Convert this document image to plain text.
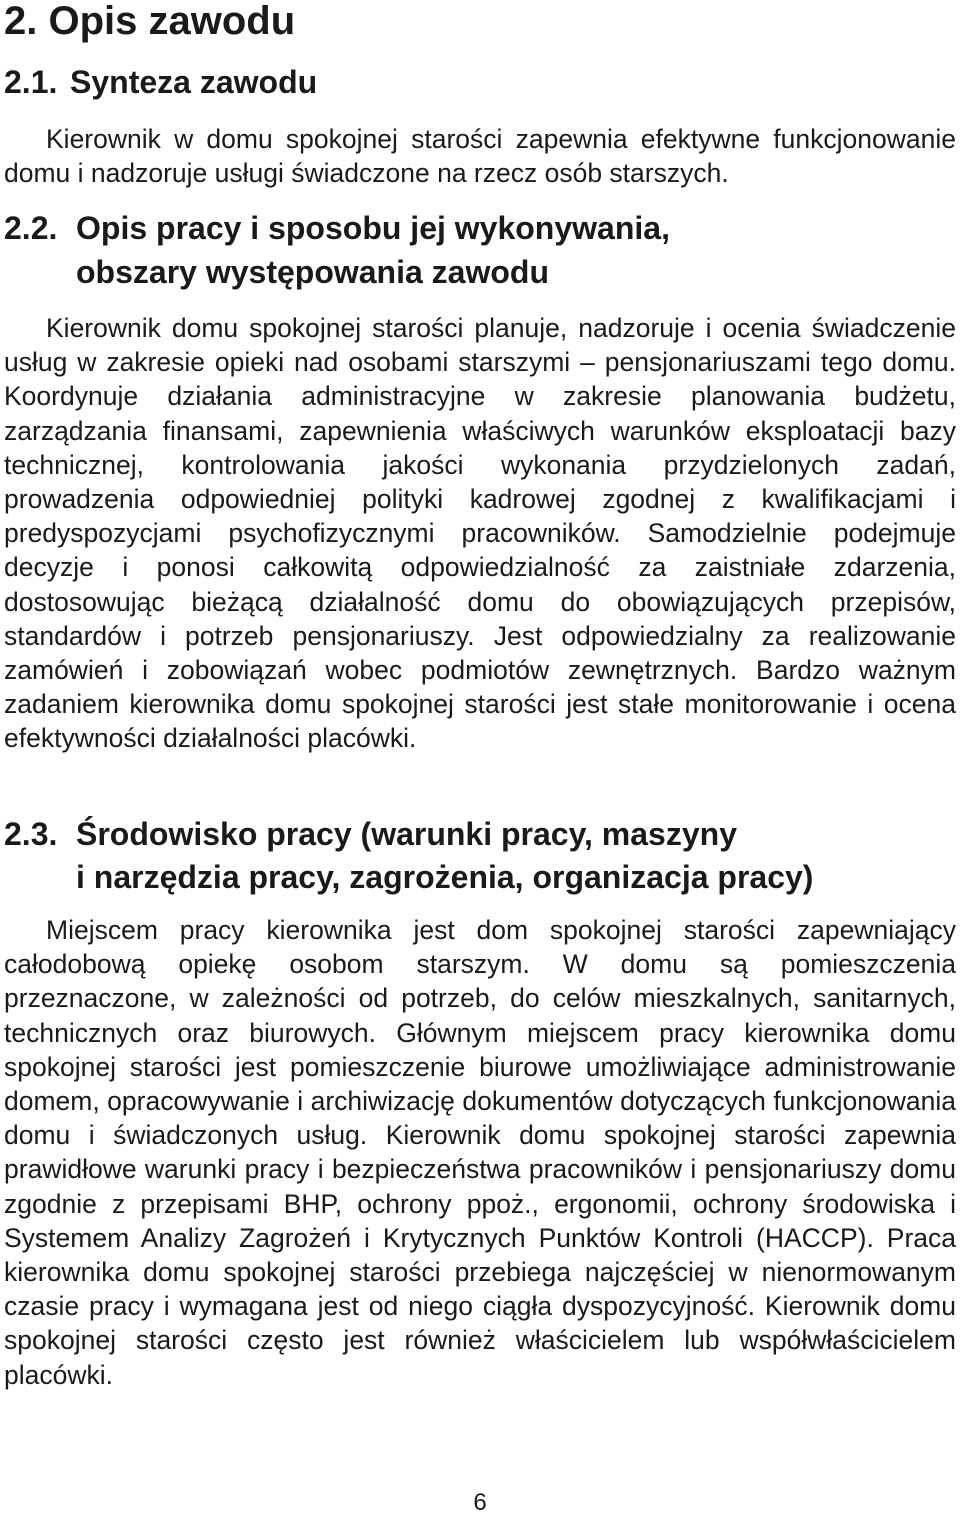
2. Opis zawodu
2.1. Synteza zawodu

Kierownik w domu spokojnej starości zapewnia efektywne funkcjonowanie domu i nadzoruje usługi świadczone na rzecz osób starszych.

2.2. Opis pracy i sposobu jej wykonywania,
obszary występowania zawodu

Kierownik domu spokojnej starości planuje, nadzoruje i ocenia świadczenie usług w zakresie opieki nad osobami starszymi – pensjonariuszami tego domu. Koordynuje działania administracyjne w zakresie planowania budżetu, zarządzania finansami, zapewnienia właściwych warunków eksploatacji bazy technicznej, kontrolowania jakości wykonania przydzielonych zadań, prowadzenia odpowiedniej polityki kadrowej zgodnej z kwalifikacjami i predyspozycjami psychofizycznymi pracowników. Samodzielnie podejmuje decyzje i ponosi całkowitą odpowiedzialność za zaistniałe zdarzenia, dostosowując bieżącą działalność domu do obowiązujących przepisów, standardów i potrzeb pensjonariuszy. Jest odpowiedzialny za realizowanie zamówień i zobowiązań wobec podmiotów zewnętrznych. Bardzo ważnym zadaniem kierownika domu spokojnej starości jest stałe monitorowanie i ocena efektywności działalności placówki.

2.3. Środowisko pracy (warunki pracy, maszyny
i narzędzia pracy, zagrożenia, organizacja pracy)

Miejscem pracy kierownika jest dom spokojnej starości zapewniający całodobową opiekę osobom starszym. W domu są pomieszczenia przeznaczone, w zależności od potrzeb, do celów mieszkalnych, sanitarnych, technicznych oraz biurowych. Głównym miejscem pracy kierownika domu spokojnej starości jest pomieszczenie biurowe umożliwiające administrowanie domem, opracowywanie i archiwizację dokumentów dotyczących funkcjonowania domu i świadczonych usług. Kierownik domu spokojnej starości zapewnia prawidłowe warunki pracy i bezpieczeństwa pracowników i pensjonariuszy domu zgodnie z przepisami BHP, ochrony ppoż., ergonomii, ochrony środowiska i Systemem Analizy Zagrożeń i Krytycznych Punktów Kontroli (HACCP). Praca kierownika domu spokojnej starości przebiega najczęściej w nienormowanym czasie pracy i wymagana jest od niego ciągła dyspozycyjność. Kierownik domu spokojnej starości często jest również właścicielem lub współwłaścicielem placówki.

6
